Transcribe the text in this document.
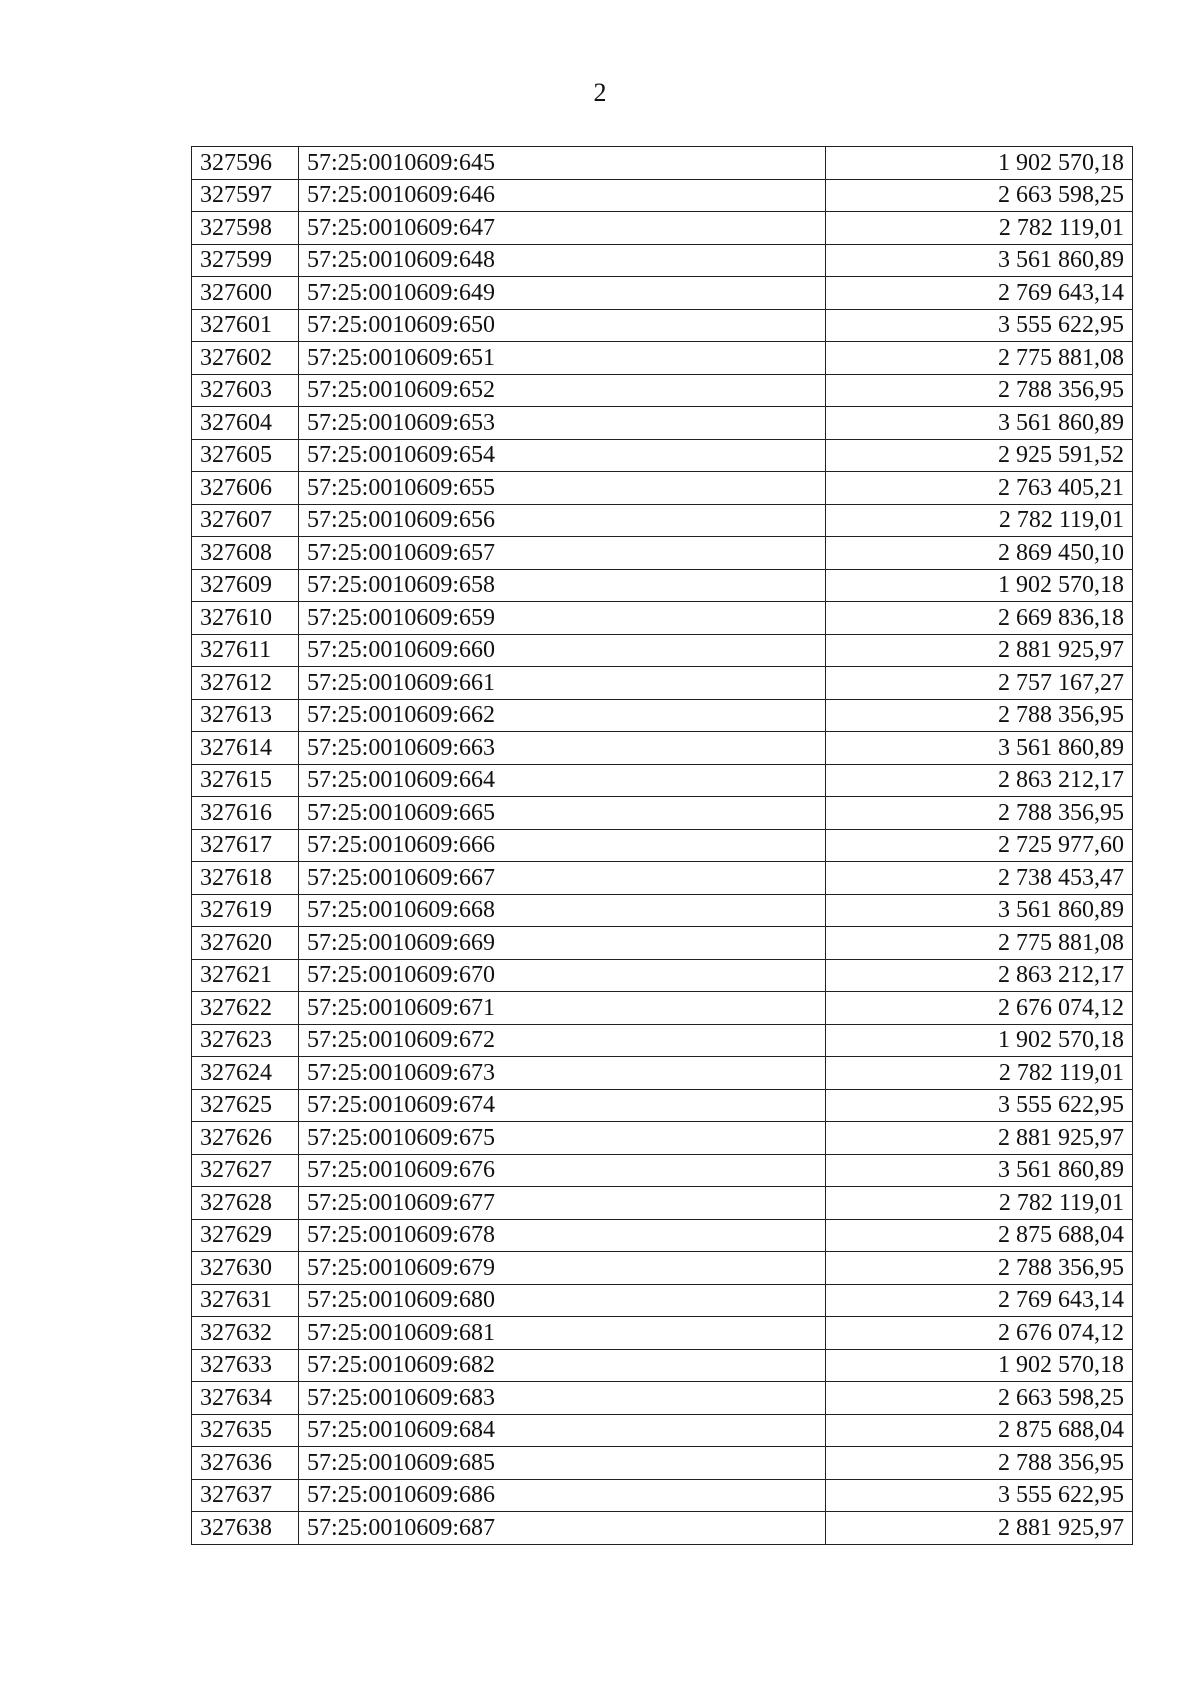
2
327596	57:25:0010609:645	1 902 570,18
327597	57:25:0010609:646	2 663 598,25
327598	57:25:0010609:647	2 782 119,01
327599	57:25:0010609:648	3 561 860,89
327600	57:25:0010609:649	2 769 643,14
327601	57:25:0010609:650	3 555 622,95
327602	57:25:0010609:651	2 775 881,08
327603	57:25:0010609:652	2 788 356,95
327604	57:25:0010609:653	3 561 860,89
327605	57:25:0010609:654	2 925 591,52
327606	57:25:0010609:655	2 763 405,21
327607	57:25:0010609:656	2 782 119,01
327608	57:25:0010609:657	2 869 450,10
327609	57:25:0010609:658	1 902 570,18
327610	57:25:0010609:659	2 669 836,18
327611	57:25:0010609:660	2 881 925,97
327612	57:25:0010609:661	2 757 167,27
327613	57:25:0010609:662	2 788 356,95
327614	57:25:0010609:663	3 561 860,89
327615	57:25:0010609:664	2 863 212,17
327616	57:25:0010609:665	2 788 356,95
327617	57:25:0010609:666	2 725 977,60
327618	57:25:0010609:667	2 738 453,47
327619	57:25:0010609:668	3 561 860,89
327620	57:25:0010609:669	2 775 881,08
327621	57:25:0010609:670	2 863 212,17
327622	57:25:0010609:671	2 676 074,12
327623	57:25:0010609:672	1 902 570,18
327624	57:25:0010609:673	2 782 119,01
327625	57:25:0010609:674	3 555 622,95
327626	57:25:0010609:675	2 881 925,97
327627	57:25:0010609:676	3 561 860,89
327628	57:25:0010609:677	2 782 119,01
327629	57:25:0010609:678	2 875 688,04
327630	57:25:0010609:679	2 788 356,95
327631	57:25:0010609:680	2 769 643,14
327632	57:25:0010609:681	2 676 074,12
327633	57:25:0010609:682	1 902 570,18
327634	57:25:0010609:683	2 663 598,25
327635	57:25:0010609:684	2 875 688,04
327636	57:25:0010609:685	2 788 356,95
327637	57:25:0010609:686	3 555 622,95
327638	57:25:0010609:687	2 881 925,97
